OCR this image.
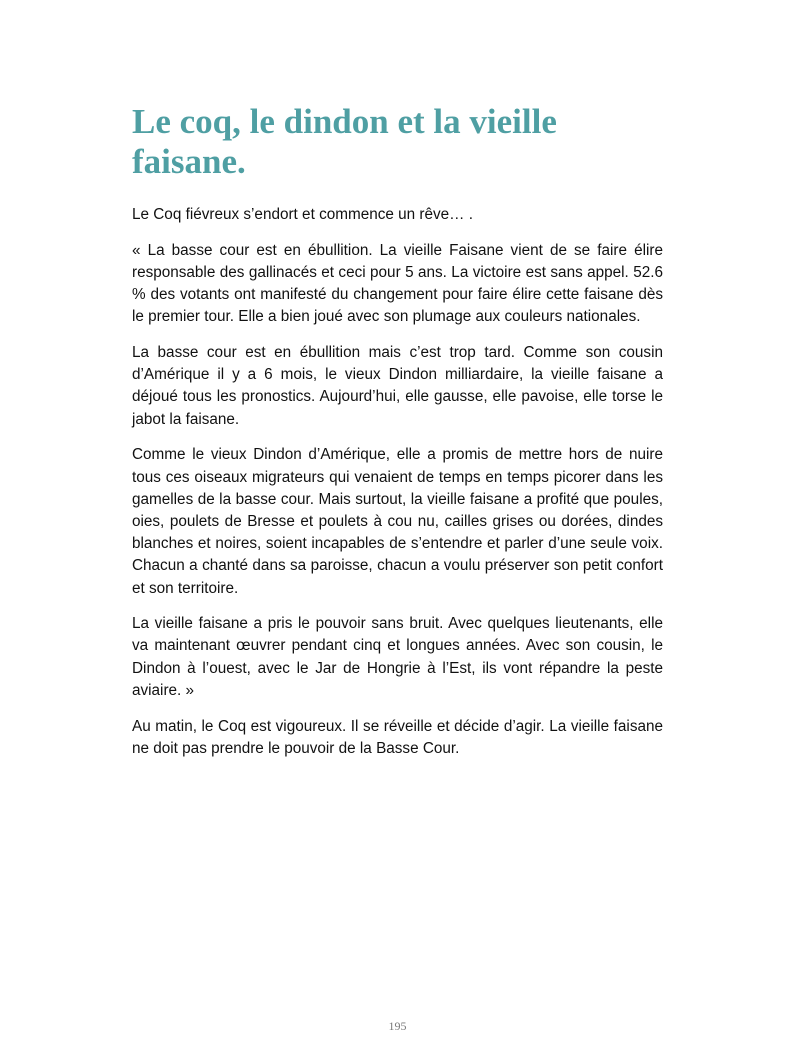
Le coq, le dindon et la vieille faisane.

Le Coq fiévreux s’endort et commence un rêve… .

« La basse cour est en ébullition. La vieille Faisane vient de se faire élire responsable des gallinacés et ceci pour 5 ans. La victoire est sans appel. 52.6 % des votants ont manifesté du changement pour faire élire cette faisane dès le premier tour. Elle a bien joué avec son plumage aux couleurs nationales.

La basse cour est en ébullition mais c’est trop tard. Comme son cousin d’Amérique il y a 6 mois, le vieux Dindon milliardaire, la vieille faisane a déjoué tous les pronostics. Aujourd’hui, elle gausse, elle pavoise, elle torse le jabot la faisane.

Comme le vieux Dindon d’Amérique, elle a promis de mettre hors de nuire tous ces oiseaux migrateurs qui venaient de temps en temps picorer dans les gamelles de la basse cour. Mais surtout, la vieille faisane a profité que poules, oies, poulets de Bresse et poulets à cou nu, cailles grises ou dorées, dindes blanches et noires, soient incapables de s’entendre et parler d’une seule voix. Chacun a chanté dans sa paroisse, chacun a voulu préserver son petit confort et son territoire.

La vieille faisane a pris le pouvoir sans bruit. Avec quelques lieutenants, elle va maintenant œuvrer pendant cinq et longues années. Avec son cousin, le Dindon à l’ouest, avec le Jar de Hongrie à l’Est, ils vont répandre la peste aviaire. »

Au matin, le Coq est vigoureux. Il se réveille et décide d’agir. La vieille faisane ne doit pas prendre le pouvoir de la Basse Cour.

195
